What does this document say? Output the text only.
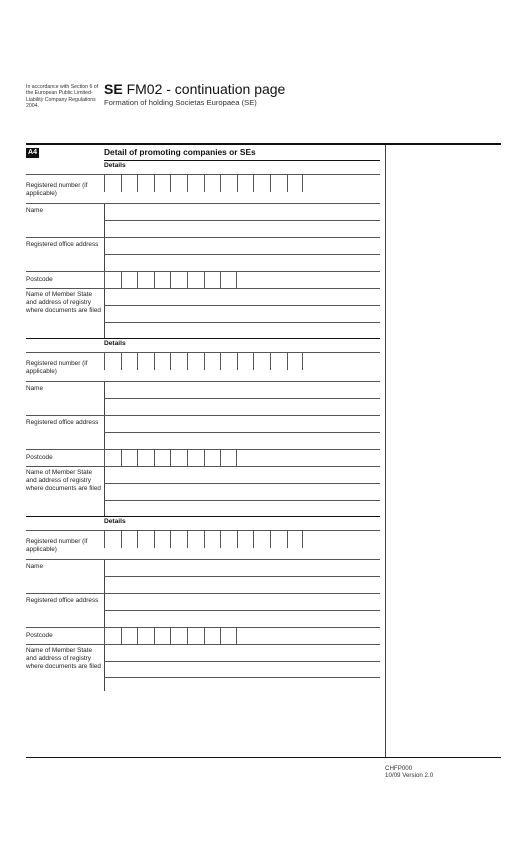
In accordance with Section 6 of the European Public Limited-Liability Company Regulations 2004.
SE FM02 - continuation page
Formation of holding Societas Europaea (SE)
A4	Detail of promoting companies or SEs
Details
Registered number (if applicable)
Name
Registered office address
Postcode
Name of Member State and address of registry where documents are filed
Details
Registered number (if applicable)
Name
Registered office address
Postcode
Name of Member State and address of registry where documents are filed
Details
Registered number (if applicable)
Name
Registered office address
Postcode
Name of Member State and address of registry where documents are filed
CHFP000
10/09 Version 2.0
